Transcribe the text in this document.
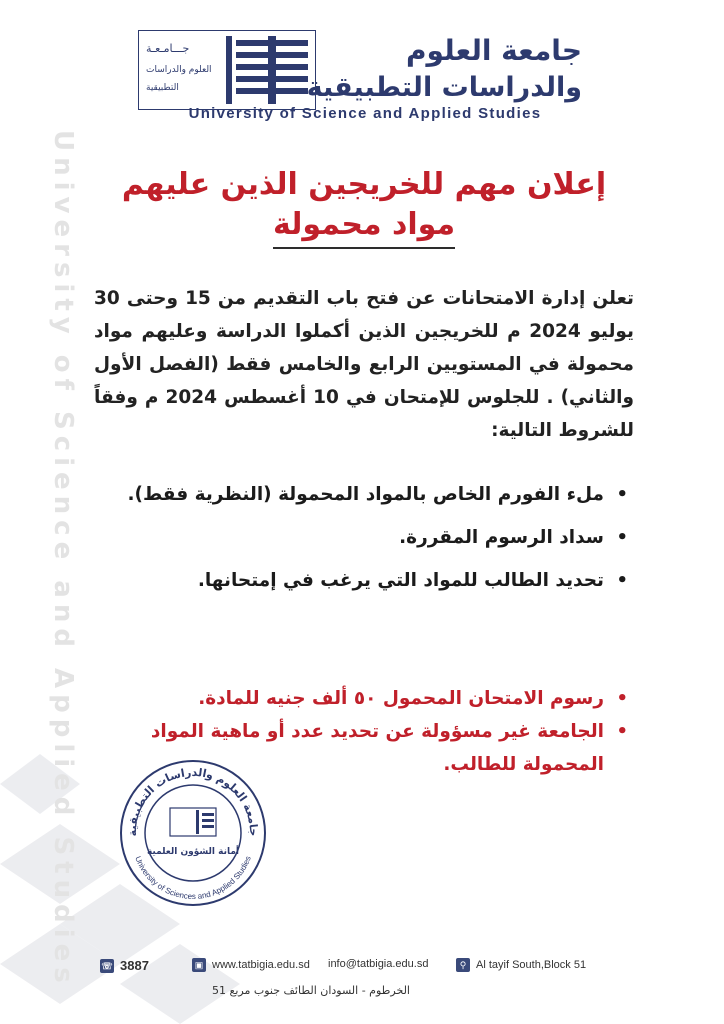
University of Science and Applied Studies
جـــامـعـة
العلوم والدراسات
التطبيقية
جامعة العلوم
والدراسات التطبيقية
University of Science and Applied Studies
إعلان مهم للخريجين الذين عليهم
مواد محمولة

تعلن إدارة الامتحانات عن فتح باب التقديم من 15 وحتى 30 يوليو 2024 م للخريجين الذين أكملوا الدراسة وعليهم مواد محمولة في المستويين الرابع والخامس فقط (الفصل الأول والثاني) . للجلوس للإمتحان في 10 أغسطس 2024 م وفقاً للشروط التالية:

• ملء الفورم الخاص بالمواد المحمولة (النظرية فقط).
• سداد الرسوم المقررة.
• تحديد الطالب للمواد التي يرغب في إمتحانها.
• رسوم الامتحان المحمول ٥٠ ألف جنيه للمادة.
• الجامعة غير مسؤولة عن تحديد عدد أو ماهية المواد المحمولة للطالب.
جامعة العلوم والدراسات التطبيقية
University of Sciences and Applied Studies
أمانة الشؤون العلمية
☏ 3887	▣ www.tatbigia.edu.sd info@tatbigia.edu.sd	⚲ Al tayif South,Block 51
الخرطوم - السودان الطائف جنوب مربع 51
